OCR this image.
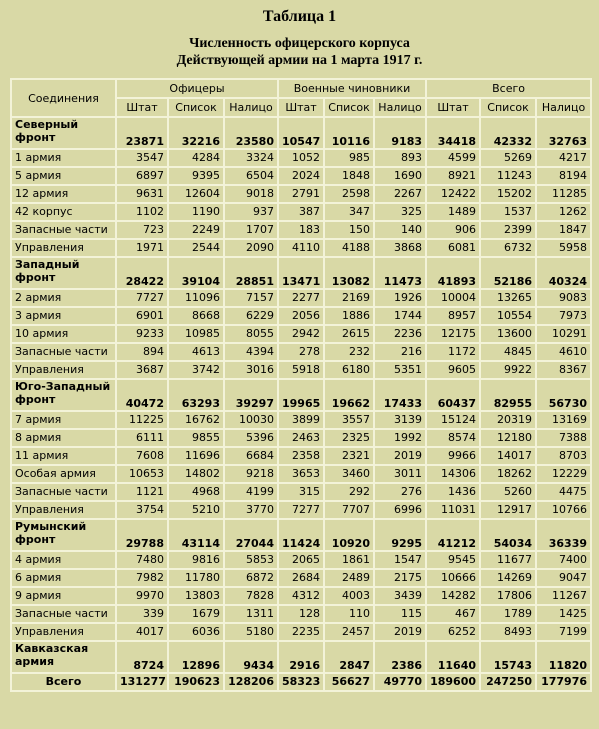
Таблица 1
Численность офицерского корпуса
Действующей армии на 1 марта 1917 г.
Соединения	Офицеры			Военные чиновники			Всего		
	Штат	Список	Налицо	Штат	Список	Налицо	Штат	Список	Налицо

Северный
фронт	23871	32216	23580	10547	10116	9183	34418	42332	32763
1 армия	3547	4284	3324	1052	985	893	4599	5269	4217
5 армия	6897	9395	6504	2024	1848	1690	8921	11243	8194
12 армия	9631	12604	9018	2791	2598	2267	12422	15202	11285
42 корпус	1102	1190	937	387	347	325	1489	1537	1262
Запасные части	723	2249	1707	183	150	140	906	2399	1847
Управления	1971	2544	2090	4110	4188	3868	6081	6732	5958

Западный
фронт	28422	39104	28851	13471	13082	11473	41893	52186	40324
2 армия	7727	11096	7157	2277	2169	1926	10004	13265	9083
3 армия	6901	8668	6229	2056	1886	1744	8957	10554	7973
10 армия	9233	10985	8055	2942	2615	2236	12175	13600	10291
Запасные части	894	4613	4394	278	232	216	1172	4845	4610
Управления	3687	3742	3016	5918	6180	5351	9605	9922	8367

Юго-Западный
фронт	40472	63293	39297	19965	19662	17433	60437	82955	56730
7 армия	11225	16762	10030	3899	3557	3139	15124	20319	13169
8 армия	6111	9855	5396	2463	2325	1992	8574	12180	7388
11 армия	7608	11696	6684	2358	2321	2019	9966	14017	8703
Особая армия	10653	14802	9218	3653	3460	3011	14306	18262	12229
Запасные части	1121	4968	4199	315	292	276	1436	5260	4475
Управления	3754	5210	3770	7277	7707	6996	11031	12917	10766

Румынский
фронт	29788	43114	27044	11424	10920	9295	41212	54034	36339
4 армия	7480	9816	5853	2065	1861	1547	9545	11677	7400
6 армия	7982	11780	6872	2684	2489	2175	10666	14269	9047
9 армия	9970	13803	7828	4312	4003	3439	14282	17806	11267
Запасные части	339	1679	1311	128	110	115	467	1789	1425
Управления	4017	6036	5180	2235	2457	2019	6252	8493	7199

Кавказская
армия	8724	12896	9434	2916	2847	2386	11640	15743	11820
Всего	131277	190623	128206	58323	56627	49770	189600	247250	177976
